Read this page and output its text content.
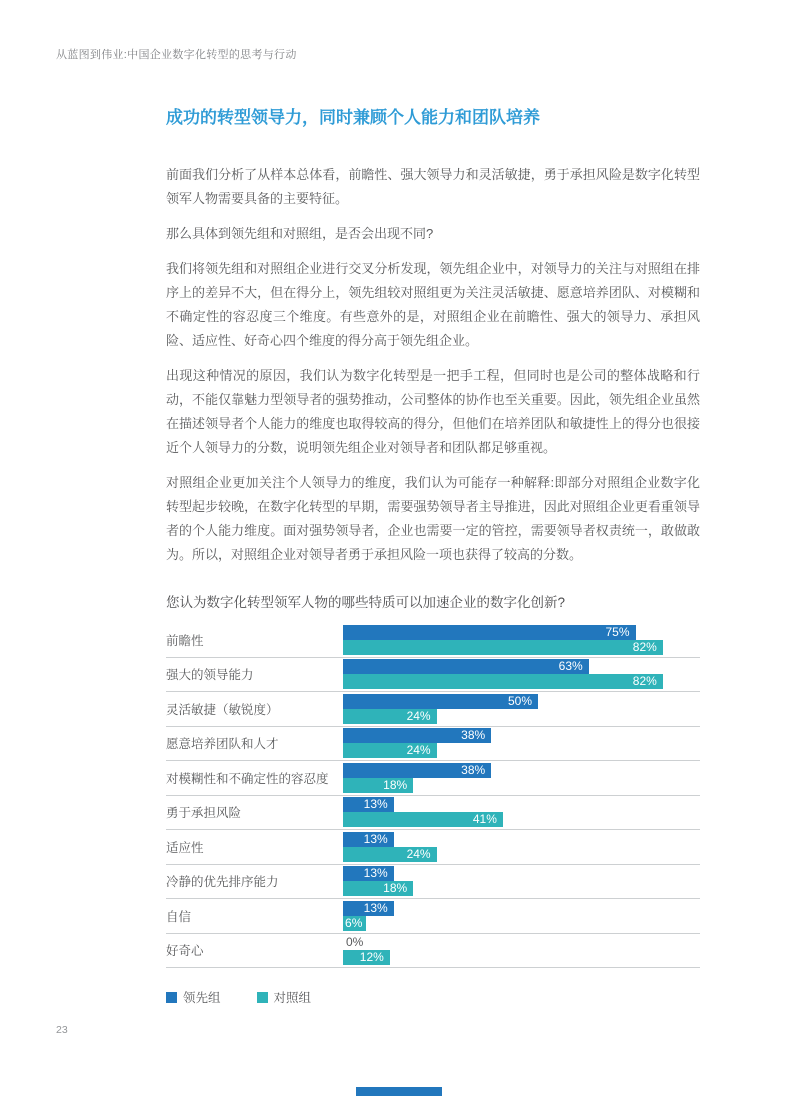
从蓝图到伟业:中国企业数字化转型的思考与行动
成功的转型领导力，同时兼顾个人能力和团队培养

前面我们分析了从样本总体看，前瞻性、强大领导力和灵活敏捷，勇于承担风险是数字化转型领军人物需要具备的主要特征。

那么具体到领先组和对照组，是否会出现不同?

我们将领先组和对照组企业进行交叉分析发现，领先组企业中，对领导力的关注与对照组在排序上的差异不大，但在得分上，领先组较对照组更为关注灵活敏捷、愿意培养团队、对模糊和不确定性的容忍度三个维度。有些意外的是，对照组企业在前瞻性、强大的领导力、承担风险、适应性、好奇心四个维度的得分高于领先组企业。

出现这种情况的原因，我们认为数字化转型是一把手工程，但同时也是公司的整体战略和行动，不能仅靠魅力型领导者的强势推动，公司整体的协作也至关重要。因此，领先组企业虽然在描述领导者个人能力的维度也取得较高的得分，但他们在培养团队和敏捷性上的得分也很接近个人领导力的分数，说明领先组企业对领导者和团队都足够重视。

对照组企业更加关注个人领导力的维度，我们认为可能存一种解释:即部分对照组企业数字化转型起步较晚，在数字化转型的早期，需要强势领导者主导推进，因此对照组企业更看重领导者的个人能力维度。面对强势领导者，企业也需要一定的管控，需要领导者权责统一，敢做敢为。所以，对照组企业对领导者勇于承担风险一项也获得了较高的分数。

您认为数字化转型领军人物的哪些特质可以加速企业的数字化创新?
前瞻性
75%
82%
强大的领导能力
63%
82%
灵活敏捷（敏锐度）
50%
24%
愿意培养团队和人才
38%
24%
对模糊性和不确定性的容忍度
38%
18%
勇于承担风险
13%
41%
适应性
13%
24%
冷静的优先排序能力
13%
18%
自信
13%
6%
好奇心
0%
12%
领先组	对照组
23
